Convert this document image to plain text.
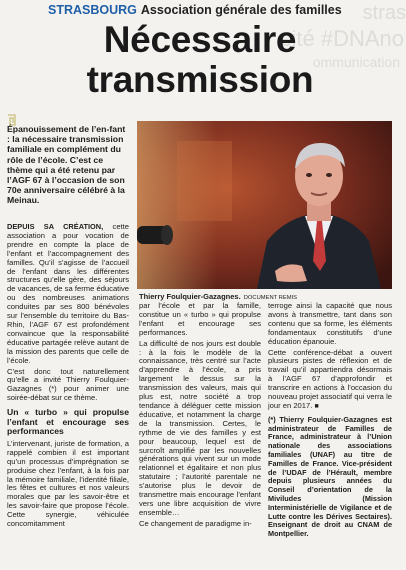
stras
cité #DNAno
ommunication
STRASBOURG Association générale des familles
Nécessaire
transmission
Épanouissement de l’en-fant : la nécessaire transmission familiale en complément du rôle de l’école. C’est ce thème qui a été retenu par l’AGF 67 à l’occasion de son 70e anniversaire célébré à la Meinau.
Thierry Foulquier-Gazagnes. DOCUMENT REMIS

DEPUIS SA CRÉATION, cette association a pour vocation de prendre en compte la place de l’enfant et l’accompagnement des familles. Qu’il s’agisse de l’accueil de l’enfant dans les différentes structures qu’elle gère, des séjours de vacances, de sa ferme éducative ou des nombreuses animations conduites par ses 800 bénévoles sur l’ensemble du territoire du Bas-Rhin, l’AGF 67 est profondément convaincue que la responsabilité éducative partagée relève autant de la mission des parents que celle de l’école.

C’est donc tout naturellement qu’elle a invité Thierry Foulquier-Gazagnes (*) pour animer une soirée-débat sur ce thème.

Un « turbo » qui propulse l’enfant et encourage ses performances

L’intervenant, juriste de formation, a rappelé combien il est important qu’un processus d’imprégnation se produise chez l’enfant, à la fois par la mémoire familiale, l’identité filiale, les fêtes et cultures et nos valeurs morales que par les savoir-être et les savoir-faire que propose l’école. Cette synergie, véhiculée concomitamment

par l’école et par la famille, constitue un « turbo » qui propulse l’enfant et encourage ses performances.

La difficulté de nos jours est double : à la fois le modèle de la connaissance, très centré sur l’acte d’apprendre à l’école, a pris largement le dessus sur la transmission des valeurs, mais qui plus est, notre société a trop tendance à déléguer cette mission éducative, et notamment la charge de la transmission. Certes, le rythme de vie des familles y est pour beaucoup, lequel est de surcroît amplifié par les nouvelles générations qui vivent sur un mode relationnel et égalitaire et non plus statutaire ; l’autorité parentale ne s’autorise plus le devoir de transmettre mais encourage l’enfant vers une libre acquisition de vivre ensemble…

Ce changement de paradigme in-

terroge ainsi la capacité que nous avons à transmettre, tant dans son contenu que sa forme, les éléments fondamentaux constitutifs d’une éducation épanouie.

Cette conférence-débat a ouvert plusieurs pistes de réflexion et de travail qu’il appartiendra désormais à l’AGF 67 d’approfondir et transcrire en actions à l’occasion du nouveau projet associatif qui verra le jour en 2017. ■

(*) Thierry Foulquier-Gazagnes est administrateur de Familles de France, administrateur à l’Union nationale des associations familiales (UNAF) au titre de Familles de France. Vice-président de l’UDAF de l’Hérault, membre depuis plusieurs années du Conseil d’orientation de la Miviludes (Mission Interministérielle de Vigilance et de Lutte contre les Dérives Sectaires). Enseignant de droit au CNAM de Montpellier.
